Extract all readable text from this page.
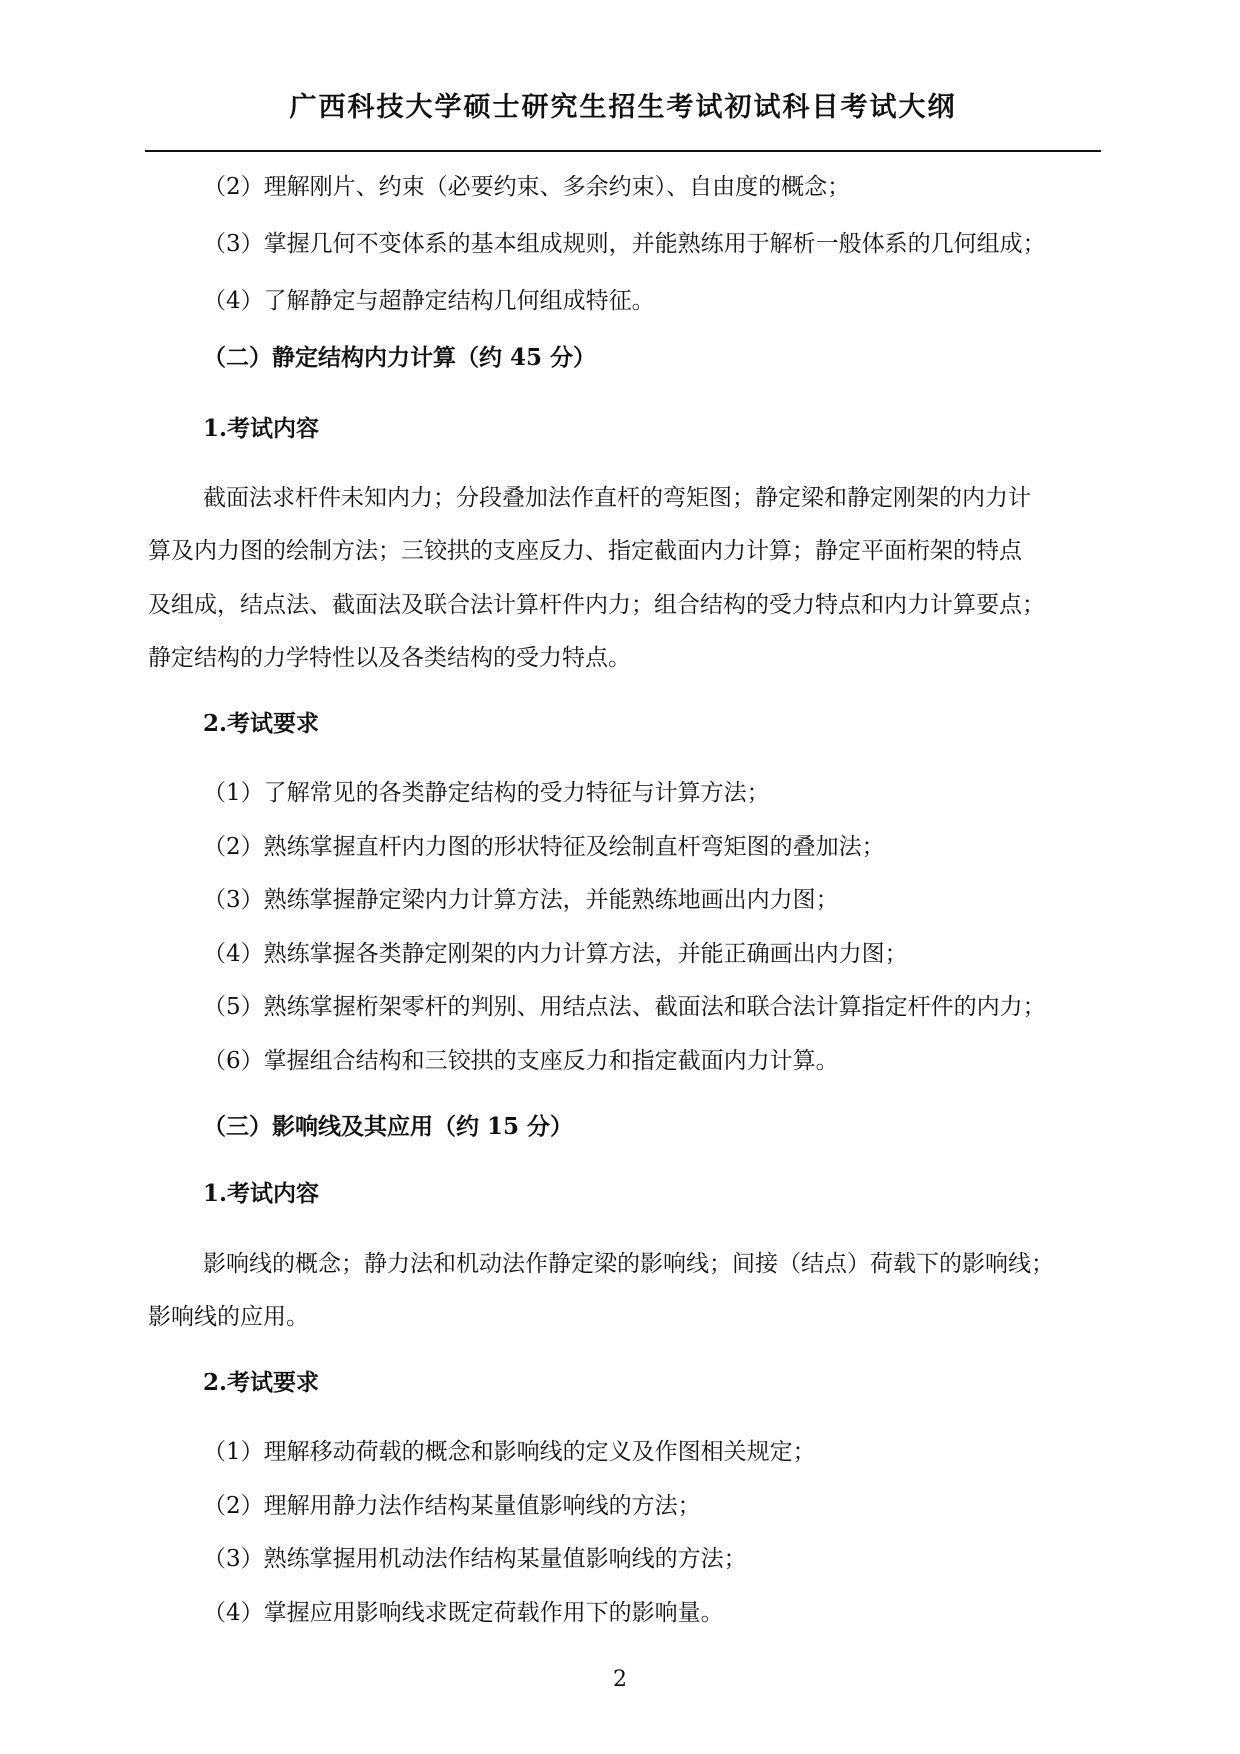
广西科技大学硕士研究生招生考试初试科目考试大纲
（2）理解刚片、约束（必要约束、多余约束）、自由度的概念；
（3）掌握几何不变体系的基本组成规则，并能熟练用于解析一般体系的几何组成；
（4）了解静定与超静定结构几何组成特征。
（二）静定结构内力计算（约 45 分）
1.考试内容
截面法求杆件未知内力；分段叠加法作直杆的弯矩图；静定梁和静定刚架的内力计
算及内力图的绘制方法；三铰拱的支座反力、指定截面内力计算；静定平面桁架的特点
及组成，结点法、截面法及联合法计算杆件内力；组合结构的受力特点和内力计算要点；
静定结构的力学特性以及各类结构的受力特点。
2.考试要求
（1）了解常见的各类静定结构的受力特征与计算方法；
（2）熟练掌握直杆内力图的形状特征及绘制直杆弯矩图的叠加法；
（3）熟练掌握静定梁内力计算方法，并能熟练地画出内力图；
（4）熟练掌握各类静定刚架的内力计算方法，并能正确画出内力图；
（5）熟练掌握桁架零杆的判别、用结点法、截面法和联合法计算指定杆件的内力；
（6）掌握组合结构和三铰拱的支座反力和指定截面内力计算。
（三）影响线及其应用（约 15 分）
1.考试内容
影响线的概念；静力法和机动法作静定梁的影响线；间接（结点）荷载下的影响线；
影响线的应用。
2.考试要求
（1）理解移动荷载的概念和影响线的定义及作图相关规定；
（2）理解用静力法作结构某量值影响线的方法；
（3）熟练掌握用机动法作结构某量值影响线的方法；
（4）掌握应用影响线求既定荷载作用下的影响量。
2
